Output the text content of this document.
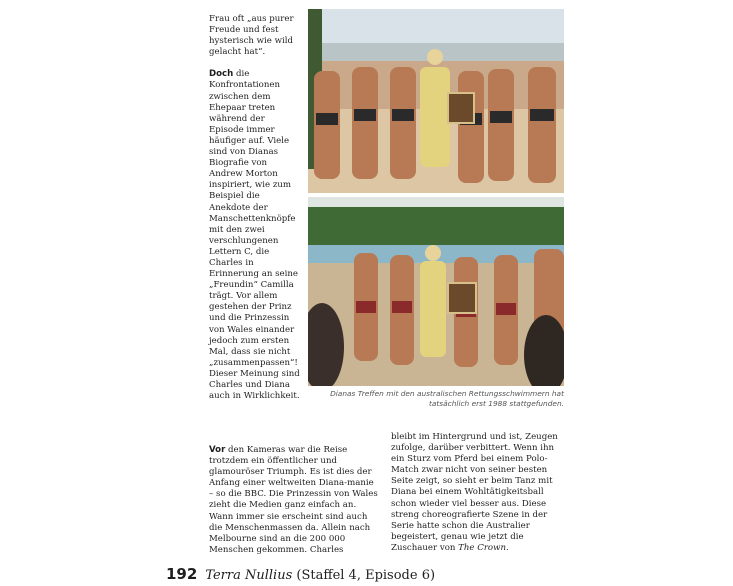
Frau oft „aus purer Freude und fest hysterisch wie wild gelacht hat“.

Doch die Konfrontationen zwischen dem Ehepaar treten während der Episode immer häufiger auf. Viele sind von Dianas Biografie von Andrew Morton inspiriert, wie zum Beispiel die Anekdote der Manschettenknöpfe mit den zwei verschlungenen Lettern C, die Charles in Erinnerung an seine „Freundin“ Camilla trägt. Vor allem gestehen der Prinz und die Prinzessin von Wales einander jedoch zum ersten Mal, dass sie nicht „zusammenpassen“! Dieser Meinung sind Charles und Diana auch in Wirklichkeit.	Dianas Treffen mit den australischen Rettungsschwimmern hat tatsächlich erst 1988 stattgefunden.

Vor den Kameras war die Reise trotzdem ein öffentlicher und glamouröser Triumph. Es ist dies der Anfang einer weltweiten Diana-manie – so die BBC. Die Prinzessin von Wales zieht die Medien ganz einfach an. Wann immer sie erscheint sind auch die Menschenmassen da. Allein nach Melbourne sind an die 200 000 Menschen gekommen. Charles

bleibt im Hintergrund und ist, Zeugen zufolge, darüber verbittert. Wenn ihn ein Sturz vom Pferd bei einem Polo-Match zwar nicht von seiner besten Seite zeigt, so sieht er beim Tanz mit Diana bei einem Wohltätigkeitsball schon wieder viel besser aus. Diese streng choreografierte Szene in der Serie hatte schon die Australier begeistert, genau wie jetzt die Zuschauer von The Crown.

192 Terra Nullius (Staffel 4, Episode 6)
